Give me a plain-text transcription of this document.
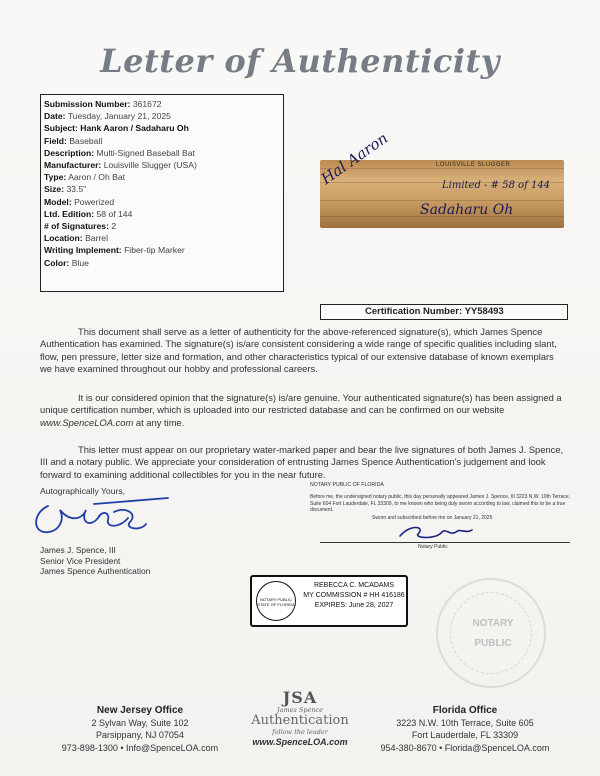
Letter of Authenticity
Submission Number: 361672
Date: Tuesday, January 21, 2025
Subject: Hank Aaron / Sadaharu Oh
Field: Baseball
Description: Multi-Signed Baseball Bat
Manufacturer: Louisville Slugger (USA)
Type: Aaron / Oh Bat
Size: 33.5"
Model: Powerized
Ltd. Edition: 58 of 144
# of Signatures: 2
Location: Barrel
Writing Implement: Fiber-tip Marker
Color: Blue
LOUISVILLE SLUGGER
Hal Aaron	Limited - # 58 of 144
Sadaharu Oh
Certification Number: YY58493

This document shall serve as a letter of authenticity for the above-referenced signature(s), which James Spence Authentication has examined. The signature(s) is/are consistent considering a wide range of specific qualities including slant, flow, pen pressure, letter size and formation, and other characteristics typical of our extensive database of known exemplars we have examined throughout our hobby and professional careers.

It is our considered opinion that the signature(s) is/are genuine. Your authenticated signature(s) has been assigned a unique certification number, which is uploaded into our restricted database and can be confirmed on our website www.SpenceLOA.com at any time.

This letter must appear on our proprietary water-marked paper and bear the live signatures of both James J. Spence, III and a notary public. We appreciate your consideration of entrusting James Spence Authentication's judgement and look forward to examining additional collectibles for you in the near future.

Autographically Yours,
James J. Spence, III
Senior Vice President
James Spence Authentication
NOTARY PUBLIC OF FLORIDA
Before me, the undersigned notary public, this day personally appeared James J. Spence, III 3223 N.W. 10th Terrace, Suite 604 Fort Lauderdale, FL 33309, to me known who being duly sworn according to law, claimed this to be a true document.
Sworn and subscribed before me on January 21, 2025
Notary Public
NOTARY PUBLIC STATE OF FLORIDA
REBECCA C. MCADAMS
MY COMMISSION # HH 416186
EXPIRES: June 28, 2027
NOTARY
PUBLIC
New Jersey Office
2 Sylvan Way, Suite 102
Parsippany, NJ 07054
973-898-1300 • Info@SpenceLOA.com
JSA
James Spence
Authentication
follow the leader
www.SpenceLOA.com
Florida Office
3223 N.W. 10th Terrace, Suite 605
Fort Lauderdale, FL 33309
954-380-8670 • Florida@SpenceLOA.com
